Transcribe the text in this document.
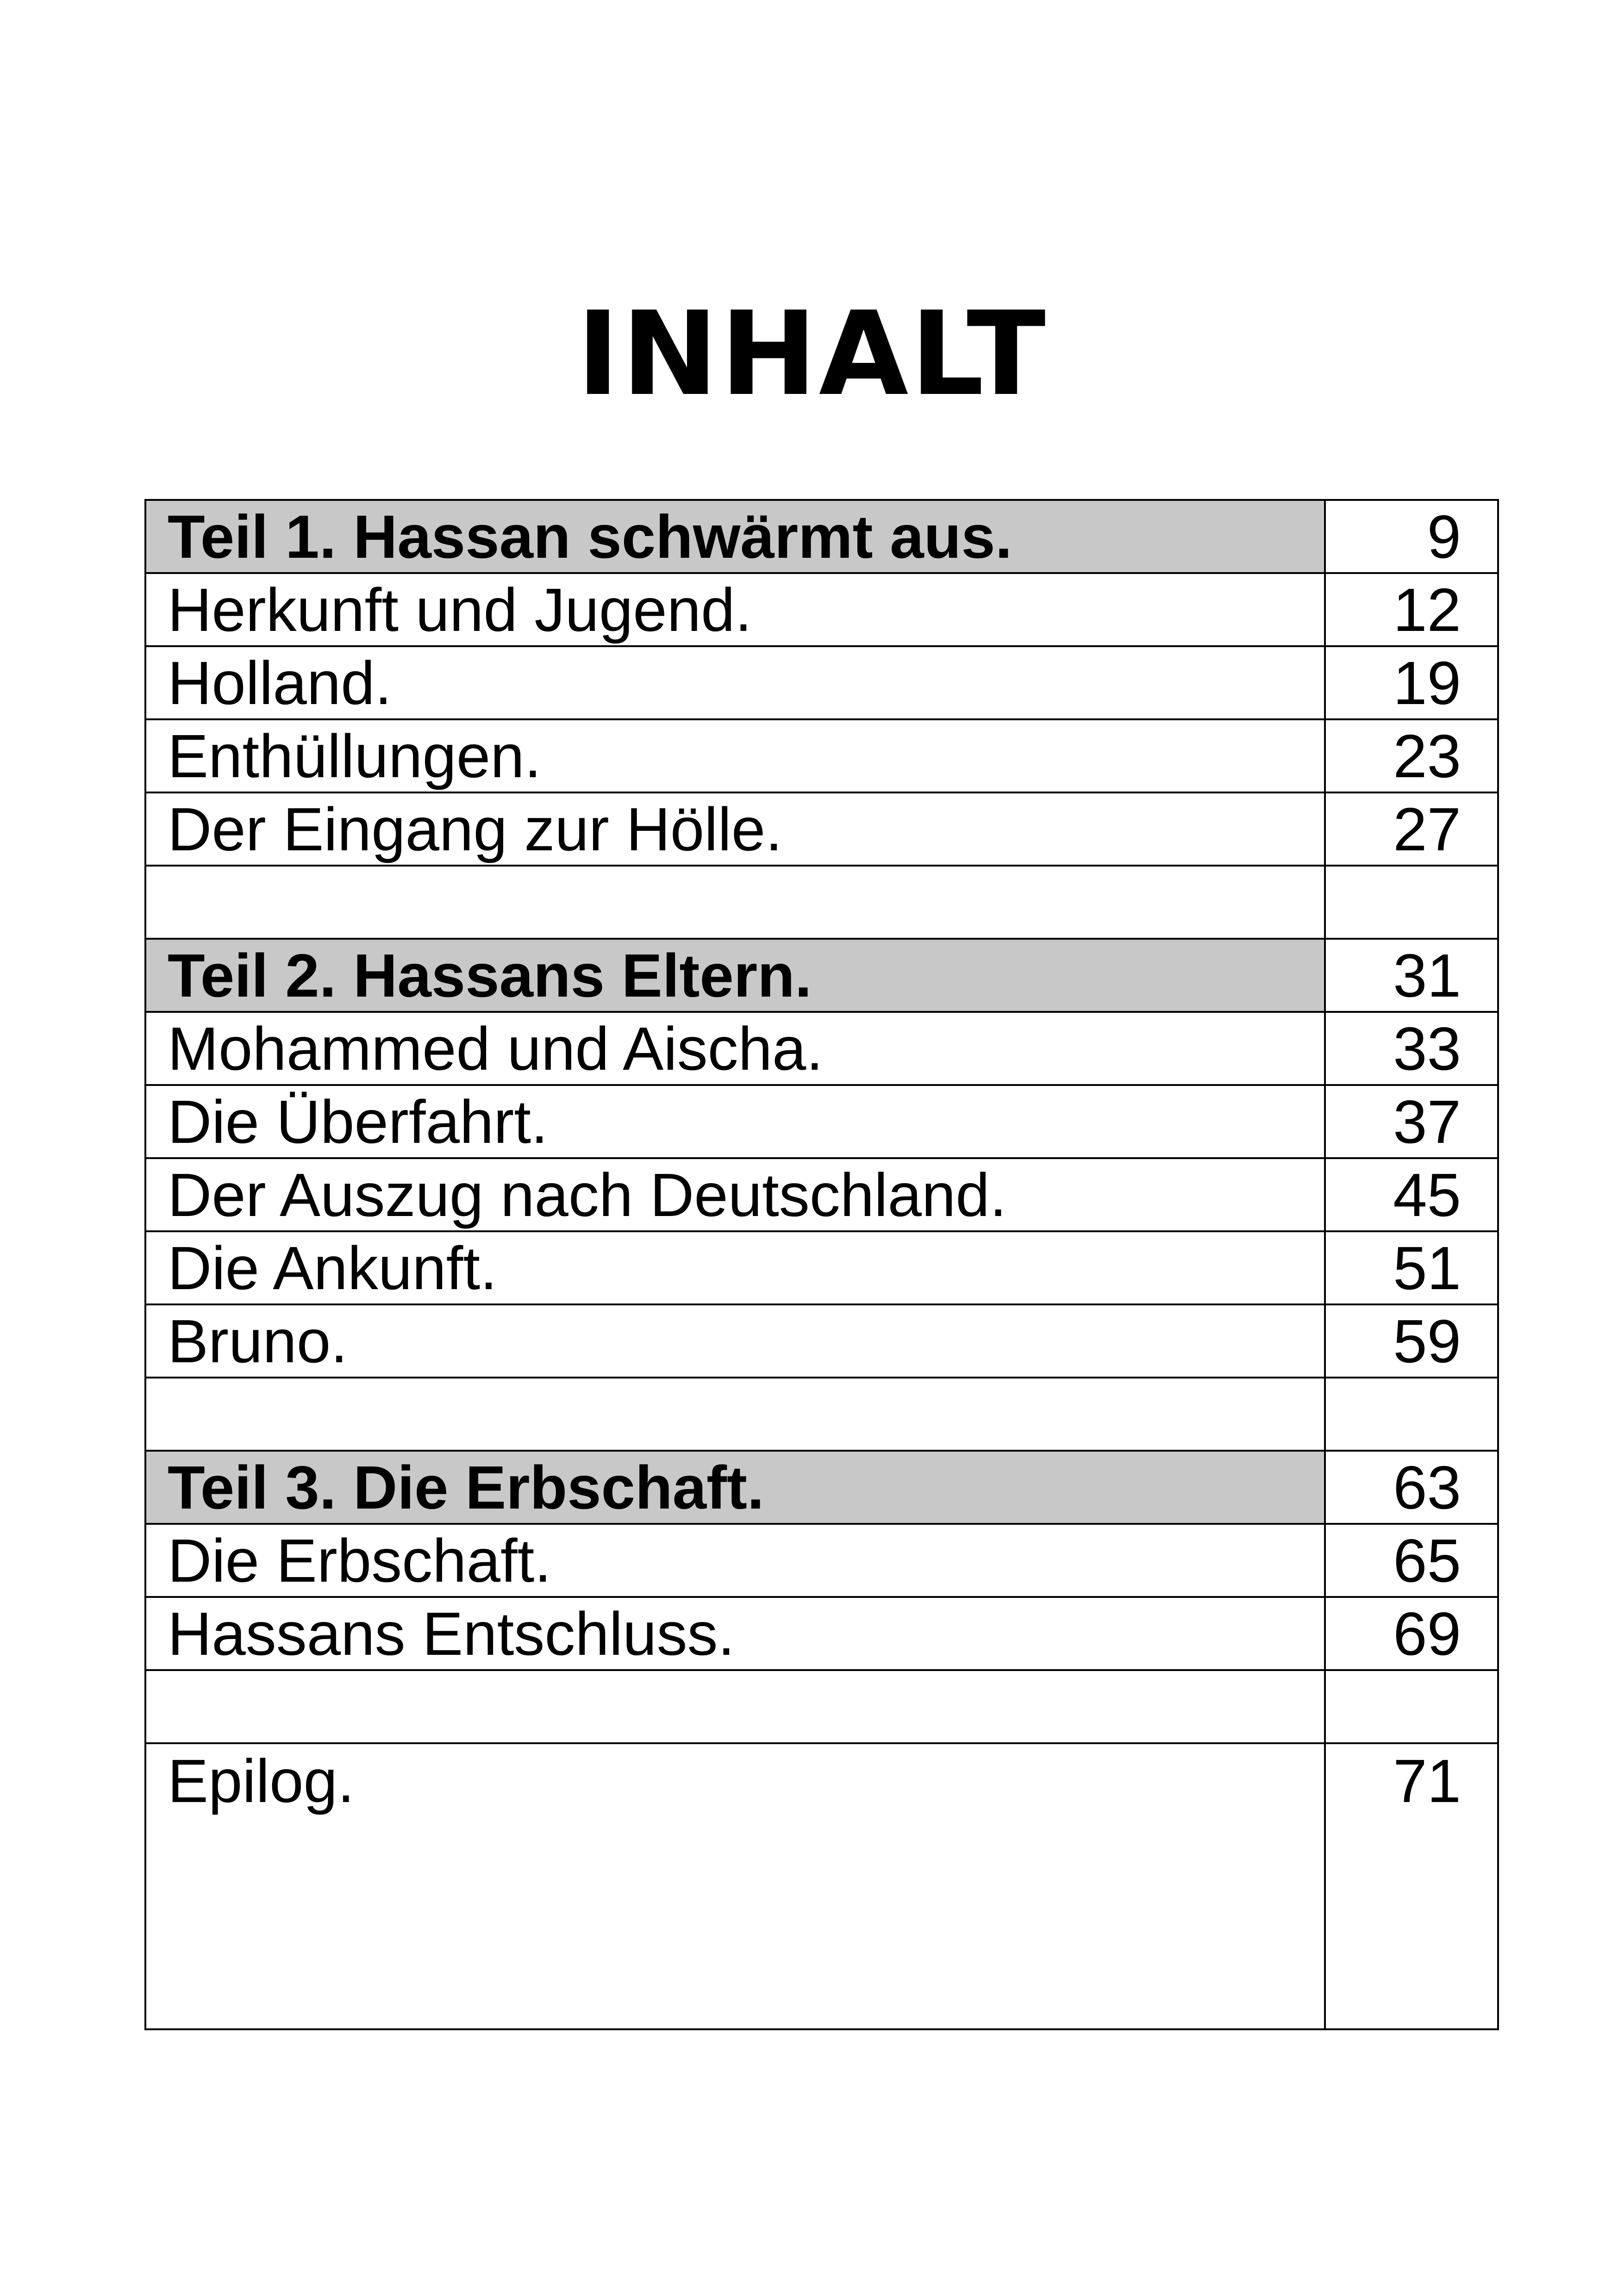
INHALT
Teil 1. Hassan schwärmt aus.	9
Herkunft und Jugend.	12
Holland.	19
Enthüllungen.	23
Der Eingang zur Hölle.	27
Teil 2. Hassans Eltern.	31
Mohammed und Aischa.	33
Die Überfahrt.	37
Der Auszug nach Deutschland.	45
Die Ankunft.	51
Bruno.	59
Teil 3. Die Erbschaft.	63
Die Erbschaft.	65
Hassans Entschluss.	69
Epilog.	71
